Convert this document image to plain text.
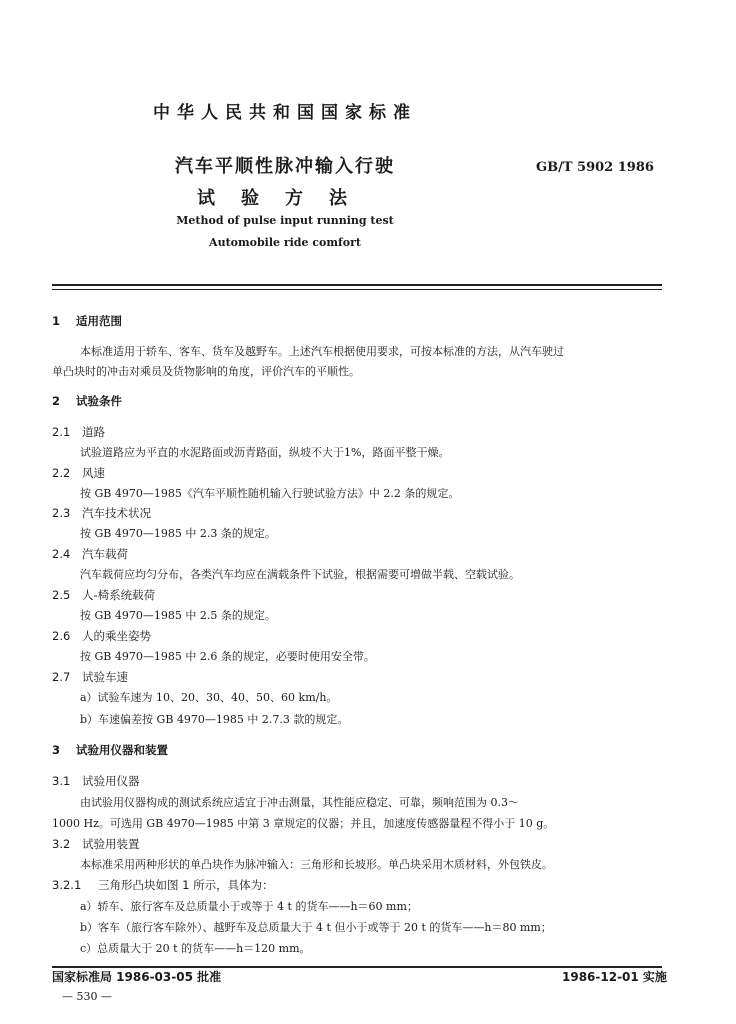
中华人民共和国国家标准
汽车平顺性脉冲输入行驶
试验方法
GB/T 5902 1986
Method of pulse input running test
Automobile ride comfort
1 适用范围
本标准适用于轿车、客车、货车及越野车。上述汽车根据使用要求，可按本标准的方法，从汽车驶过
单凸块时的冲击对乘员及货物影响的角度，评价汽车的平顺性。
2 试验条件
2.1 道路
试验道路应为平直的水泥路面或沥青路面，纵坡不大于1%，路面平整干燥。
2.2 风速
按 GB 4970—1985《汽车平顺性随机输入行驶试验方法》中 2.2 条的规定。
2.3 汽车技术状况
按 GB 4970—1985 中 2.3 条的规定。
2.4 汽车载荷
汽车载荷应均匀分布，各类汽车均应在满载条件下试验，根据需要可增做半载、空载试验。
2.5 人-椅系统载荷
按 GB 4970—1985 中 2.5 条的规定。
2.6 人的乘坐姿势
按 GB 4970—1985 中 2.6 条的规定，必要时使用安全带。
2.7 试验车速
a）试验车速为 10、20、30、40、50、60 km/h。
b）车速偏差按 GB 4970—1985 中 2.7.3 款的规定。
3 试验用仪器和装置
3.1 试验用仪器
由试验用仪器构成的测试系统应适宜于冲击测量，其性能应稳定、可靠，频响范围为 0.3～
1000 Hz。可选用 GB 4970—1985 中第 3 章规定的仪器；并且，加速度传感器量程不得小于 10 g。
3.2 试验用装置
本标准采用两种形状的单凸块作为脉冲输入：三角形和长坡形。单凸块采用木质材料，外包铁皮。
3.2.1 三角形凸块如图 1 所示，具体为：
a）轿车、旅行客车及总质量小于或等于 4 t 的货车——h＝60 mm；
b）客车（旅行客车除外）、越野车及总质量大于 4 t 但小于或等于 20 t 的货车——h＝80 mm；
c）总质量大于 20 t 的货车——h＝120 mm。
国家标准局 1986-03-05 批准	1986-12-01 实施
— 530 —
